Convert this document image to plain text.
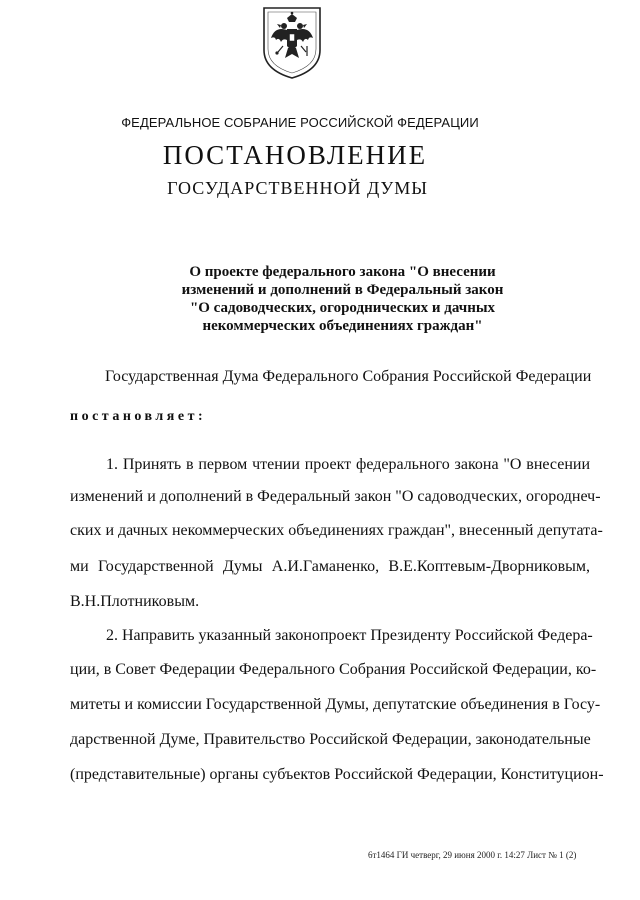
ФЕДЕРАЛЬНОЕ СОБРАНИЕ РОССИЙСКОЙ ФЕДЕРАЦИИ
ПОСТАНОВЛЕНИЕ
ГОСУДАРСТВЕННОЙ ДУМЫ
О проекте федерального закона "О внесении
изменений и дополнений в Федеральный закон
"О садоводческих, огороднических и дачных
некоммерческих объединениях граждан"
Государственная Дума Федерального Собрания Российской Федерации
постановляет:
1. Принять в первом чтении проект федерального закона "О внесении
изменений и дополнений в Федеральный закон "О садоводческих, огороднеч-
ских и дачных некоммерческих объединениях граждан", внесенный депутата-
ми Государственной Думы А.И.Гаманенко, В.Е.Коптевым-Дворниковым,
В.Н.Плотниковым.
2. Направить указанный законопроект Президенту Российской Федера-
ции, в Совет Федерации Федерального Собрания Российской Федерации, ко-
митеты и комиссии Государственной Думы, депутатские объединения в Госу-
дарственной Думе, Правительство Российской Федерации, законодательные
(представительные) органы субъектов Российской Федерации, Конституцион-
6т1464 ГИ четверг, 29 июня 2000 г. 14:27 Лист № 1 (2)
